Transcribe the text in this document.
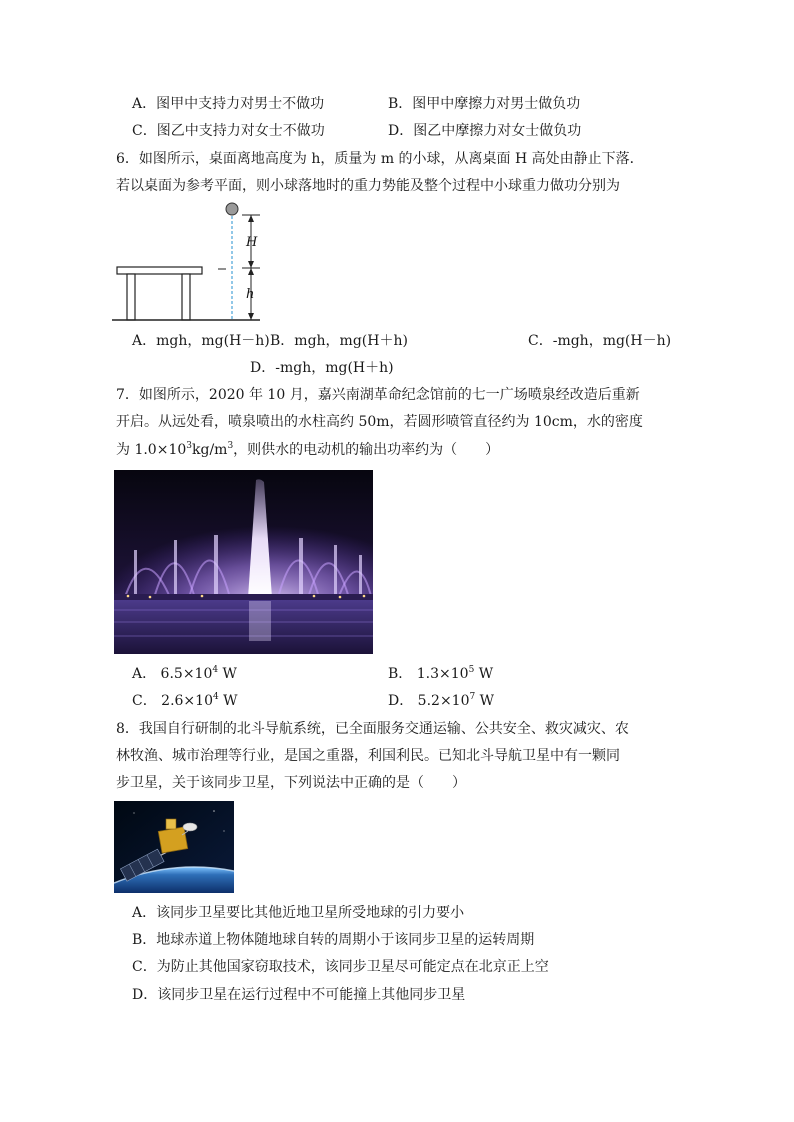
A．图甲中支持力对男士不做功	B．图甲中摩擦力对男士做负功
C．图乙中支持力对女士不做功	D．图乙中摩擦力对女士做负功
6．如图所示，桌面离地高度为 h，质量为 m 的小球，从离桌面 H 高处由静止下落．
若以桌面为参考平面，则小球落地时的重力势能及整个过程中小球重力做功分别为
H
h
A．mgh，mg(H－h) B．mgh，mg(H＋h)	C．-mgh，mg(H－h)
D．-mgh，mg(H＋h)
7．如图所示，2020 年 10 月，嘉兴南湖革命纪念馆前的七一广场喷泉经改造后重新
开启。从远处看，喷泉喷出的水柱高约 50m，若圆形喷管直径约为 10cm，水的密度
为 $1.0\times 10^3kg/m^3$，则供水的电动机的输出功率约为（　　）
A． $6.5\times 10^4$ W	B． $1.3\times 10^5$ W
C． $2.6\times 10^4$ W	D． $5.2\times 10^7$ W
8．我国自行研制的北斗导航系统，已全面服务交通运输、公共安全、救灾减灾、农
林牧渔、城市治理等行业，是国之重器，利国利民。已知北斗导航卫星中有一颗同
步卫星，关于该同步卫星，下列说法中正确的是（　　）
A．该同步卫星要比其他近地卫星所受地球的引力要小
B．地球赤道上物体随地球自转的周期小于该同步卫星的运转周期
C．为防止其他国家窃取技术，该同步卫星尽可能定点在北京正上空
D．该同步卫星在运行过程中不可能撞上其他同步卫星
